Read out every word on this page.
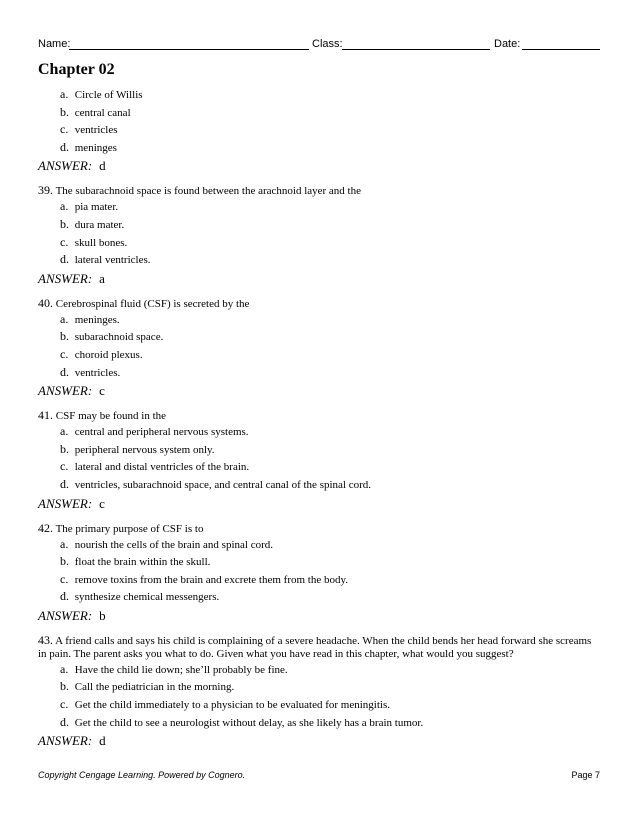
Name:	Class:	Date:
Chapter 02
a. Circle of Willis
b. central canal
c. ventricles
d. meninges
ANSWER: d
39. The subarachnoid space is found between the arachnoid layer and the
a. pia mater.
b. dura mater.
c. skull bones.
d. lateral ventricles.
ANSWER: a
40. Cerebrospinal fluid (CSF) is secreted by the
a. meninges.
b. subarachnoid space.
c. choroid plexus.
d. ventricles.
ANSWER: c
41. CSF may be found in the
a. central and peripheral nervous systems.
b. peripheral nervous system only.
c. lateral and distal ventricles of the brain.
d. ventricles, subarachnoid space, and central canal of the spinal cord.
ANSWER: c
42. The primary purpose of CSF is to
a. nourish the cells of the brain and spinal cord.
b. float the brain within the skull.
c. remove toxins from the brain and excrete them from the body.
d. synthesize chemical messengers.
ANSWER: b
43. A friend calls and says his child is complaining of a severe headache. When the child bends her head forward she screams in pain. The parent asks you what to do. Given what you have read in this chapter, what would you suggest?
a. Have the child lie down; she’ll probably be fine.
b. Call the pediatrician in the morning.
c. Get the child immediately to a physician to be evaluated for meningitis.
d. Get the child to see a neurologist without delay, as she likely has a brain tumor.
ANSWER: d
Copyright Cengage Learning. Powered by Cognero.	Page 7
